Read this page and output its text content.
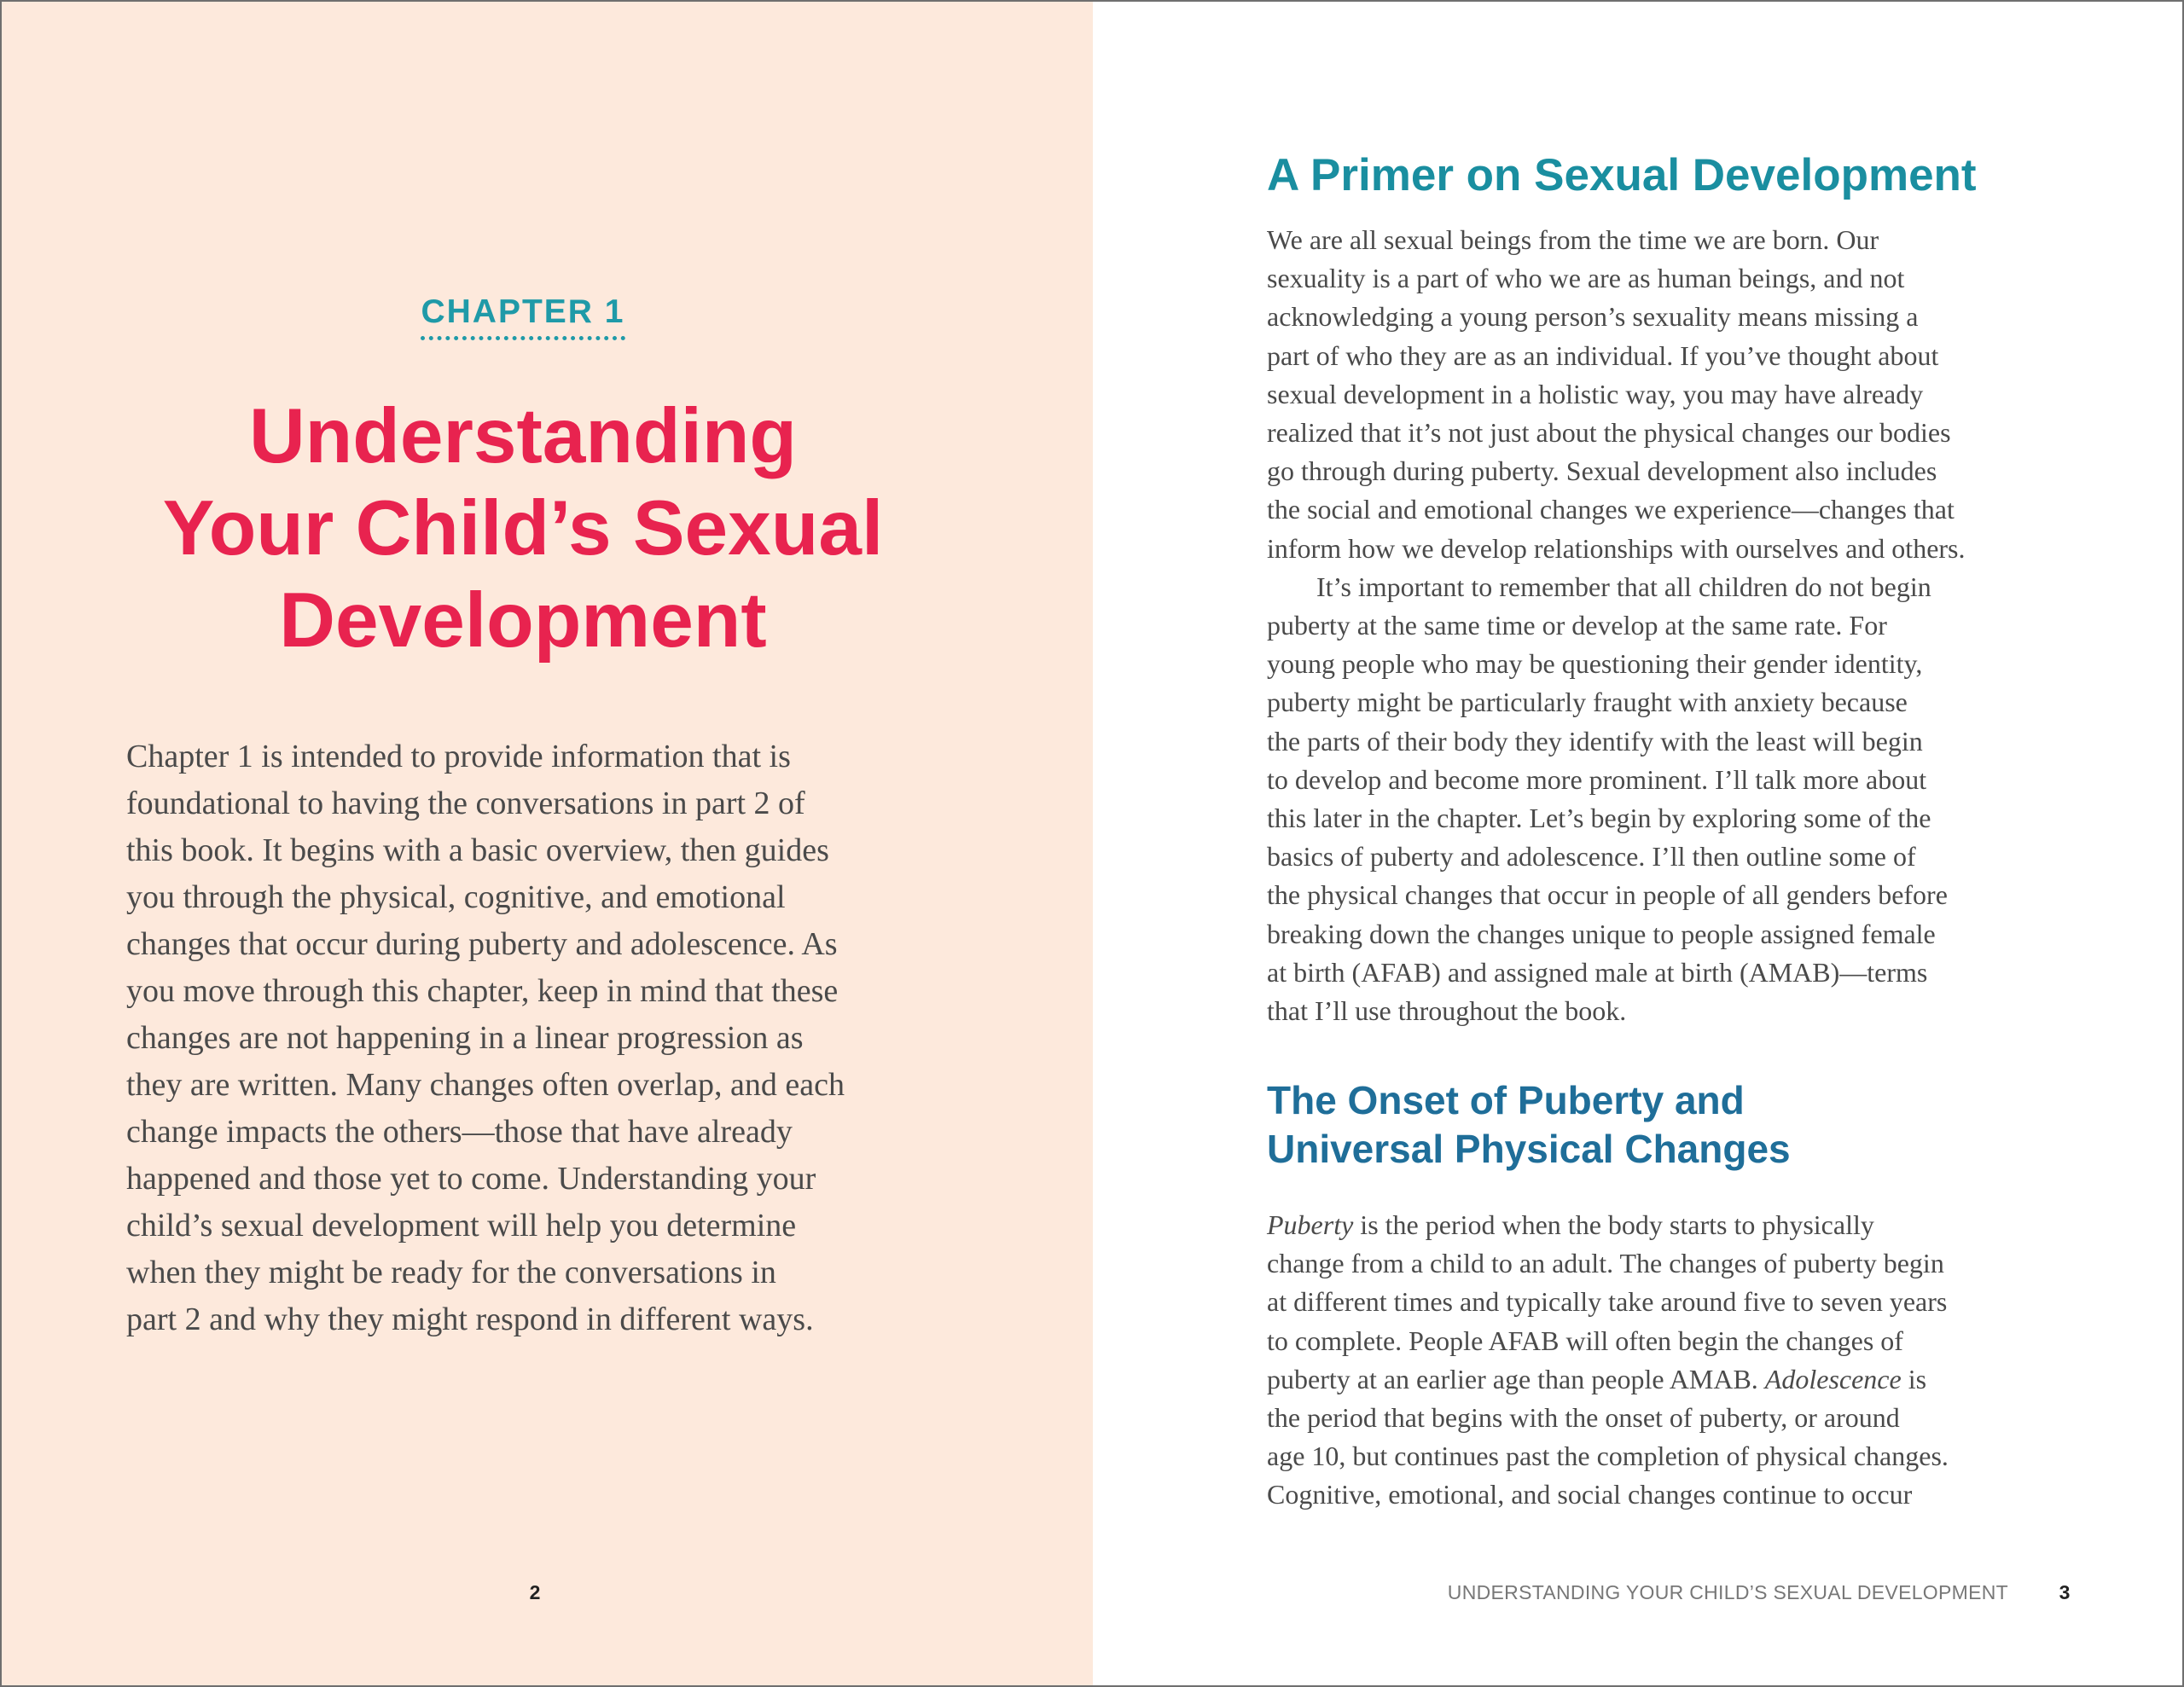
CHAPTER 1
Understanding
Your Child’s Sexual
Development
Chapter 1 is intended to provide information that is
foundational to having the conversations in part 2 of
this book. It begins with a basic overview, then guides
you through the physical, cognitive, and emotional
changes that occur during puberty and adolescence. As
you move through this chapter, keep in mind that these
changes are not happening in a linear progression as
they are written. Many changes often overlap, and each
change impacts the others—those that have already
happened and those yet to come. Understanding your
child’s sexual development will help you determine
when they might be ready for the conversations in
part 2 and why they might respond in different ways.
2
A Primer on Sexual Development
We are all sexual beings from the time we are born. Our
sexuality is a part of who we are as human beings, and not
acknowledging a young person’s sexuality means missing a
part of who they are as an individual. If you’ve thought about
sexual development in a holistic way, you may have already
realized that it’s not just about the physical changes our bodies
go through during puberty. Sexual development also includes
the social and emotional changes we experience—changes that
inform how we develop relationships with ourselves and others.
It’s important to remember that all children do not begin
puberty at the same time or develop at the same rate. For
young people who may be questioning their gender identity,
puberty might be particularly fraught with anxiety because
the parts of their body they identify with the least will begin
to develop and become more prominent. I’ll talk more about
this later in the chapter. Let’s begin by exploring some of the
basics of puberty and adolescence. I’ll then outline some of
the physical changes that occur in people of all genders before
breaking down the changes unique to people assigned female
at birth (AFAB) and assigned male at birth (AMAB)—terms
that I’ll use throughout the book.
The Onset of Puberty and
Universal Physical Changes
Puberty is the period when the body starts to physically
change from a child to an adult. The changes of puberty begin
at different times and typically take around five to seven years
to complete. People AFAB will often begin the changes of
puberty at an earlier age than people AMAB. Adolescence is
the period that begins with the onset of puberty, or around
age 10, but continues past the completion of physical changes.
Cognitive, emotional, and social changes continue to occur
UNDERSTANDING YOUR CHILD’S SEXUAL DEVELOPMENT	3
